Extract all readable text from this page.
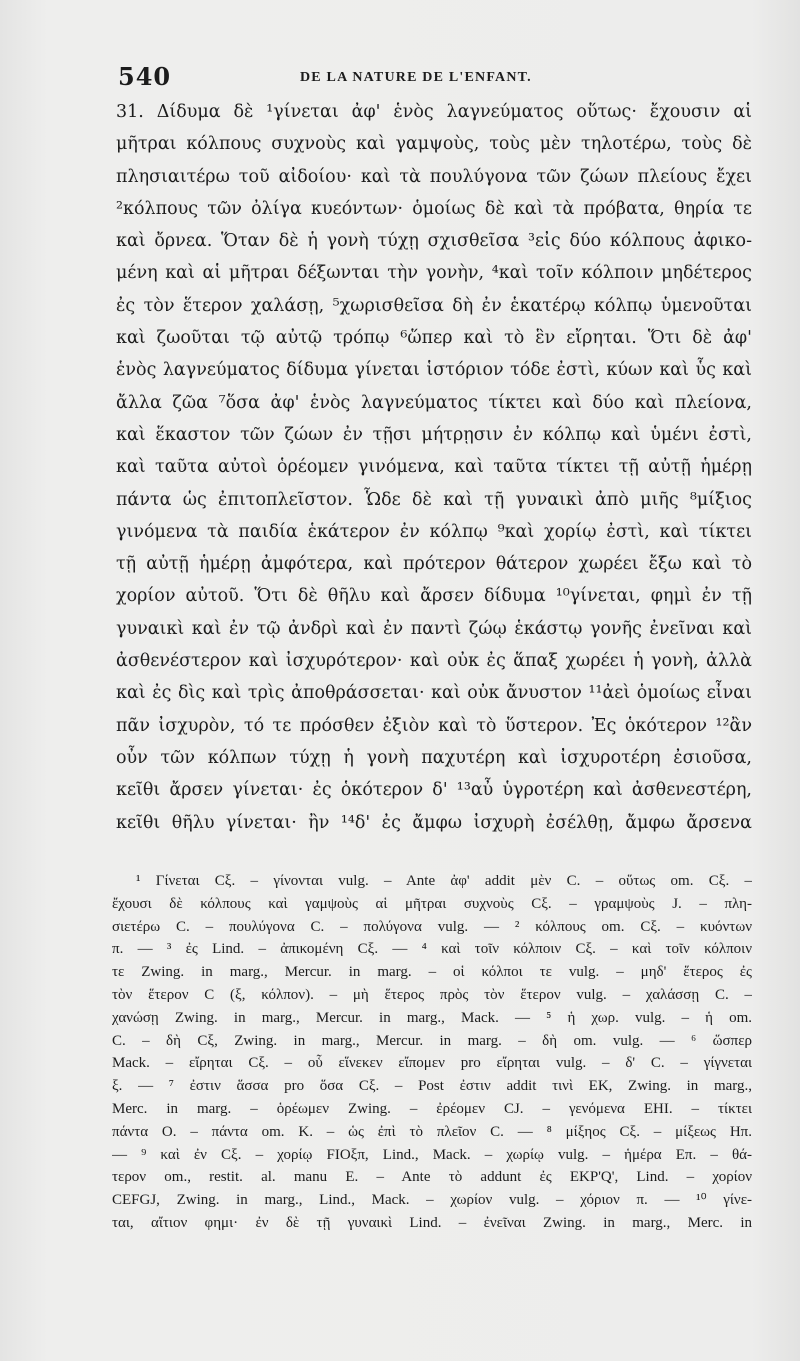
540	DE LA NATURE DE L'ENFANT.
31. Δίδυμα δὲ ¹γίνεται ἀφ' ἑνὸς λαγνεύματος οὕτως· ἔχουσιν αἱ
μῆτραι κόλπους συχνοὺς καὶ γαμψοὺς, τοὺς μὲν τηλοτέρω, τοὺς δὲ
πλησιαιτέρω τοῦ αἰδοίου· καὶ τὰ πουλύγονα τῶν ζώων πλείους ἔχει
²κόλπους τῶν ὀλίγα κυεόντων· ὁμοίως δὲ καὶ τὰ πρόβατα, θηρία τε
καὶ ὄρνεα. Ὅταν δὲ ἡ γονὴ τύχῃ σχισθεῖσα ³εἰς δύο κόλπους ἀφικο-
μένη καὶ αἱ μῆτραι δέξωνται τὴν γονὴν, ⁴καὶ τοῖν κόλποιν μηδέτερος
ἐς τὸν ἕτερον χαλάσῃ, ⁵χωρισθεῖσα δὴ ἐν ἑκατέρῳ κόλπῳ ὑμενοῦται
καὶ ζωοῦται τῷ αὐτῷ τρόπῳ ⁶ὥπερ καὶ τὸ ἓν εἴρηται. Ὅτι δὲ ἀφ'
ἑνὸς λαγνεύματος δίδυμα γίνεται ἱστόριον τόδε ἐστὶ, κύων καὶ ὗς καὶ
ἄλλα ζῶα ⁷ὅσα ἀφ' ἑνὸς λαγνεύματος τίκτει καὶ δύο καὶ πλείονα,
καὶ ἕκαστον τῶν ζώων ἐν τῇσι μήτρῃσιν ἐν κόλπῳ καὶ ὑμένι ἐστὶ,
καὶ ταῦτα αὐτοὶ ὁρέομεν γινόμενα, καὶ ταῦτα τίκτει τῇ αὐτῇ ἡμέρῃ
πάντα ὡς ἐπιτοπλεῖστον. Ὧδε δὲ καὶ τῇ γυναικὶ ἀπὸ μιῆς ⁸μίξιος
γινόμενα τὰ παιδία ἑκάτερον ἐν κόλπῳ ⁹καὶ χορίῳ ἐστὶ, καὶ τίκτει
τῇ αὐτῇ ἡμέρῃ ἀμφότερα, καὶ πρότερον θάτερον χωρέει ἔξω καὶ τὸ
χορίον αὐτοῦ. Ὅτι δὲ θῆλυ καὶ ἄρσεν δίδυμα ¹⁰γίνεται, φημὶ ἐν τῇ
γυναικὶ καὶ ἐν τῷ ἀνδρὶ καὶ ἐν παντὶ ζώῳ ἑκάστῳ γονῆς ἐνεῖναι καὶ
ἀσθενέστερον καὶ ἰσχυρότερον· καὶ οὐκ ἐς ἅπαξ χωρέει ἡ γονὴ, ἀλλὰ
καὶ ἐς δὶς καὶ τρὶς ἀποθράσσεται· καὶ οὐκ ἄνυστον ¹¹ἀεὶ ὁμοίως εἶναι
πᾶν ἰσχυρὸν, τό τε πρόσθεν ἐξιὸν καὶ τὸ ὕστερον. Ἐς ὁκότερον ¹²ἂν
οὖν τῶν κόλπων τύχῃ ἡ γονὴ παχυτέρη καὶ ἰσχυροτέρη ἐσιοῦσα,
κεῖθι ἄρσεν γίνεται· ἐς ὁκότερον δ' ¹³αὖ ὑγροτέρη καὶ ἀσθενεστέρη,
κεῖθι θῆλυ γίνεται· ἢν ¹⁴δ' ἐς ἄμφω ἰσχυρὴ ἐσέλθῃ, ἄμφω ἄρσενα
¹ Γίνεται Cξ. – γίνονται vulg. – Ante ἀφ' addit μὲν C. – οὕτως om. Cξ. –
ἔχουσι δὲ κόλπους καὶ γαμψοὺς αἱ μῆτραι συχνοὺς Cξ. – γραμψοὺς J. – πλη-
σιετέρω C. – πουλύγονα C. – πολύγονα vulg. — ² κόλπους om. Cξ. – κυόντων
π. — ³ ἐς Lind. – ἀπικομένη Cξ. — ⁴ καὶ τοῖν κόλποιν Cξ. – καὶ τοῖν κόλποιν
τε Zwing. in marg., Mercur. in marg. – οἱ κόλποι τε vulg. – μηδ' ἕτερος ἐς
τὸν ἕτερον C (ξ, κόλπον). – μὴ ἕτερος πρὸς τὸν ἕτερον vulg. – χαλάσσῃ C. –
χανώσῃ Zwing. in marg., Mercur. in marg., Mack. — ⁵ ἡ χωρ. vulg. – ἡ om.
C. – δὴ Cξ, Zwing. in marg., Mercur. in marg. – δὴ om. vulg. — ⁶ ὥσπερ
Mack. – εἴρηται Cξ. – οὗ εἵνεκεν εἴπομεν pro εἴρηται vulg. – δ' C. – γίγνεται
ξ. — ⁷ ἐστιν ἅσσα pro ὅσα Cξ. – Post ἐστιν addit τινὶ EK, Zwing. in marg.,
Merc. in marg. – ὁρέωμεν Zwing. – ἐρέομεν CJ. – γενόμενα EHI. – τίκτει
πάντα O. – πάντα om. K. – ὡς ἐπὶ τὸ πλεῖον C. — ⁸ μίξηος Cξ. – μίξεως Hπ.
— ⁹ καὶ ἐν Cξ. – χορίῳ FIOξπ, Lind., Mack. – χωρίῳ vulg. – ἡμέρα Eπ. – θά-
τερον om., restit. al. manu E. – Ante τὸ addunt ἐς EKP'Q', Lind. – χορίον
CEFGJ, Zwing. in marg., Lind., Mack. – χωρίον vulg. – χόριον π. — ¹⁰ γίνε-
ται, αἴτιον φημι· ἐν δὲ τῇ γυναικὶ Lind. – ἐνεῖναι Zwing. in marg., Merc. in
